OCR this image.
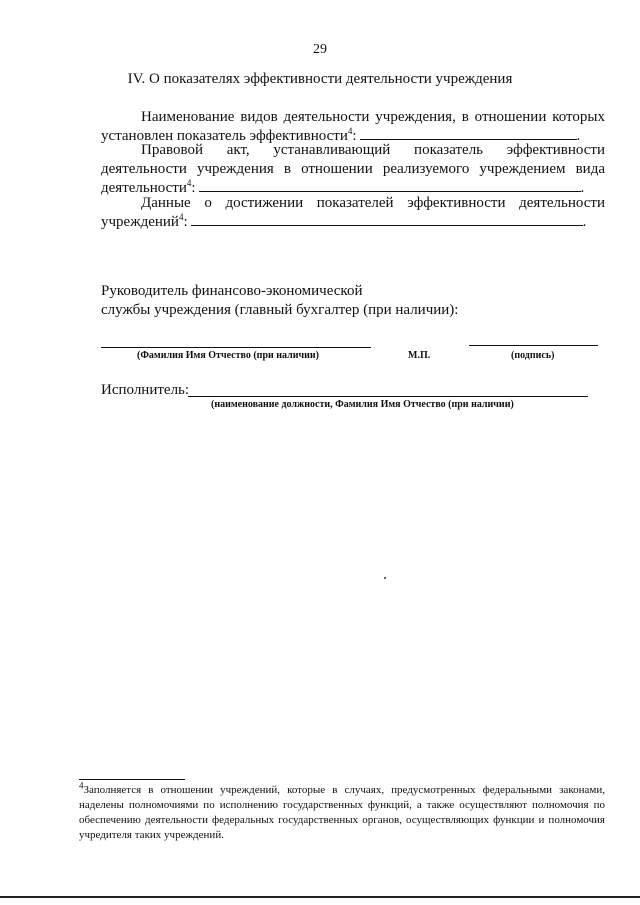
29
IV. О показателях эффективности деятельности учреждения
Наименование видов деятельности учреждения, в отношении которых
установлен показатель эффективности$^4$:	.
Правовой акт, устанавливающий показатель эффективности
деятельности учреждения в отношении реализуемого учреждением вида
деятельности$^4$:	.
Данные о достижении показателей эффективности деятельности
учреждений$^4$:	.
Руководитель финансово-экономической
службы учреждения (главный бухгалтер (при наличии):
(Фамилия Имя Отчество (при наличии)	М.П.	(подпись)
Исполнитель:
(наименование должности, Фамилия Имя Отчество (при наличии)
$^4$Заполняется в отношении учреждений, которые в случаях, предусмотренных федеральными законами, наделены полномочиями по исполнению государственных функций, а также осуществляют полномочия по обеспечению деятельности федеральных государственных органов, осуществляющих функции и полномочия учредителя таких учреждений.
